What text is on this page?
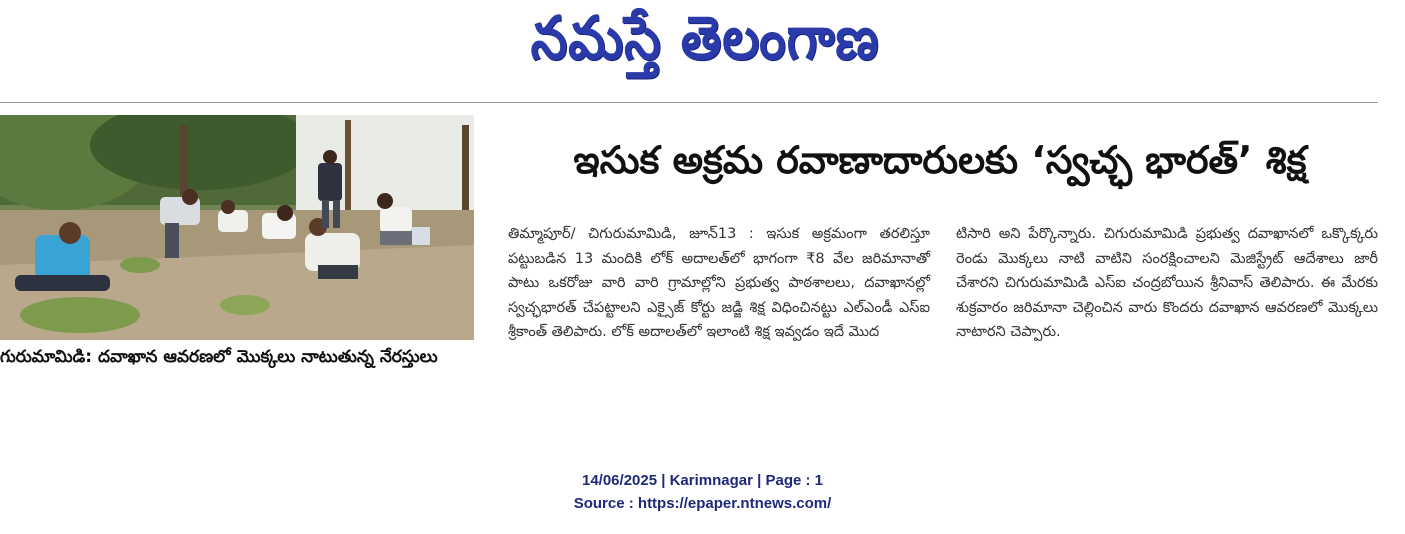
నమస్తే తెలంగాణ
గురుమామిడి: దవాఖాన ఆవరణలో మొక్కలు నాటుతున్న నేరస్తులు
ఇసుక అక్రమ రవాణాదారులకు ‘స్వచ్ఛ భారత్’ శిక్ష

తిమ్మాపూర్/ చిగురుమామిడి, జూన్13 : ఇసుక అక్రమంగా తరలిస్తూ పట్టుబడిన 13 మందికి లోక్ అదాలత్‌లో భాగంగా ₹8 వేల జరిమానాతో పాటు ఒకరోజు వారి వారి గ్రామాల్లోని ప్రభుత్వ పాఠశాలలు, దవాఖానల్లో స్వచ్ఛభారత్ చేపట్టాలని ఎక్సైజ్ కోర్టు జడ్జి శిక్ష విధించినట్టు ఎల్‌ఎండీ ఎస్‌ఐ శ్రీకాంత్ తెలిపారు. లోక్ అదాలత్‌లో ఇలాంటి శిక్ష ఇవ్వడం ఇదే మొద

టిసారి అని పేర్కొన్నారు. చిగురుమామిడి ప్రభుత్వ దవాఖానలో ఒక్కొక్కరు రెండు మొక్కలు నాటి వాటిని సంరక్షించాలని మెజిస్ట్రేట్ ఆదేశాలు జారీ చేశారని చిగురుమామిడి ఎస్‌ఐ చంద్రబోయిన శ్రీనివాస్ తెలిపారు. ఈ మేరకు శుక్రవారం జరిమానా చెల్లించిన వారు కొందరు దవాఖాన ఆవరణలో మొక్కలు నాటారని చెప్పారు.

14/06/2025 | Karimnagar | Page : 1
Source : https://epaper.ntnews.com/
